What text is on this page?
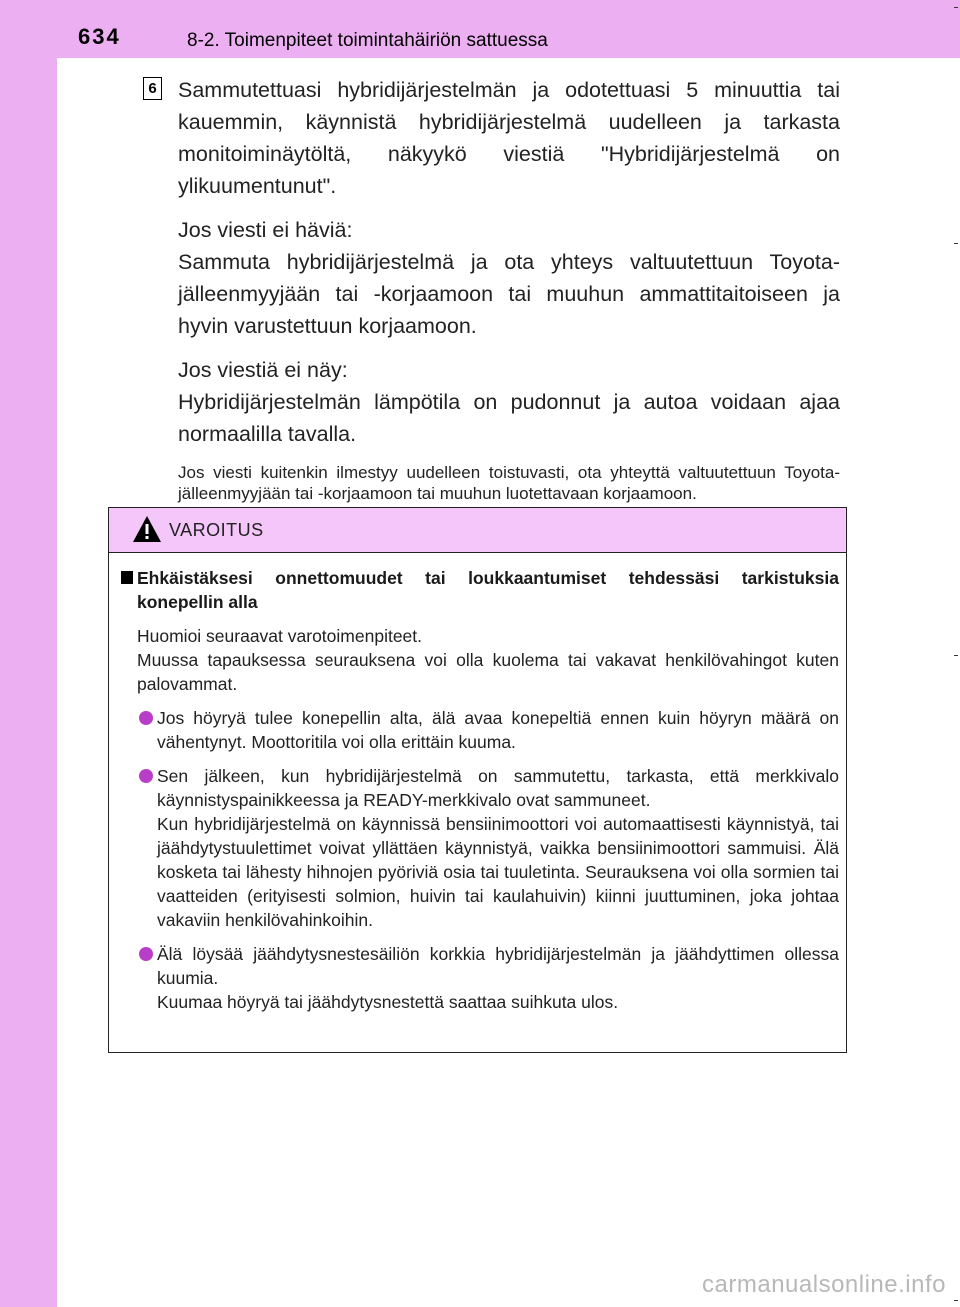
634	8-2. Toimenpiteet toimintahäiriön sattuessa
6 Sammutettuasi hybridijärjestelmän ja odotettuasi 5 minuuttia tai kauemmin, käynnistä hybridijärjestelmä uudelleen ja tarkasta monitoiminäytöltä, näkyykö viestiä "Hybridijärjestelmä on ylikuumentunut".

Jos viesti ei häviä:
Sammuta hybridijärjestelmä ja ota yhteys valtuutettuun Toyota-jälleenmyyjään tai -korjaamoon tai muuhun ammattitaitoiseen ja hyvin varustettuun korjaamoon.

Jos viestiä ei näy:
Hybridijärjestelmän lämpötila on pudonnut ja autoa voidaan ajaa normaalilla tavalla.

Jos viesti kuitenkin ilmestyy uudelleen toistuvasti, ota yhteyttä valtuutettuun Toyota-jälleenmyyjään tai -korjaamoon tai muuhun luotettavaan korjaamoon.

VAROITUS

Ehkäistäksesi onnettomuudet tai loukkaantumiset tehdessäsi tarkistuksia konepellin alla

Huomioi seuraavat varotoimenpiteet.
Muussa tapauksessa seurauksena voi olla kuolema tai vakavat henkilövahingot kuten palovammat.

Jos höyryä tulee konepellin alta, älä avaa konepeltiä ennen kuin höyryn määrä on vähentynyt. Moottoritila voi olla erittäin kuuma.

Sen jälkeen, kun hybridijärjestelmä on sammutettu, tarkasta, että merkkivalo käynnistyspainikkeessa ja READY-merkkivalo ovat sammuneet.
Kun hybridijärjestelmä on käynnissä bensiinimoottori voi automaattisesti käynnistyä, tai jäähdytystuulettimet voivat yllättäen käynnistyä, vaikka bensiinimoottori sammuisi. Älä kosketa tai lähesty hihnojen pyöriviä osia tai tuuletinta. Seurauksena voi olla sormien tai vaatteiden (erityisesti solmion, huivin tai kaulahuivin) kiinni juuttuminen, joka johtaa vakaviin henkilövahinkoihin.

Älä löysää jäähdytysnestesäiliön korkkia hybridijärjestelmän ja jäähdyttimen ollessa kuumia.
Kuumaa höyryä tai jäähdytysnestettä saattaa suihkuta ulos.

carmanualsonline.info
